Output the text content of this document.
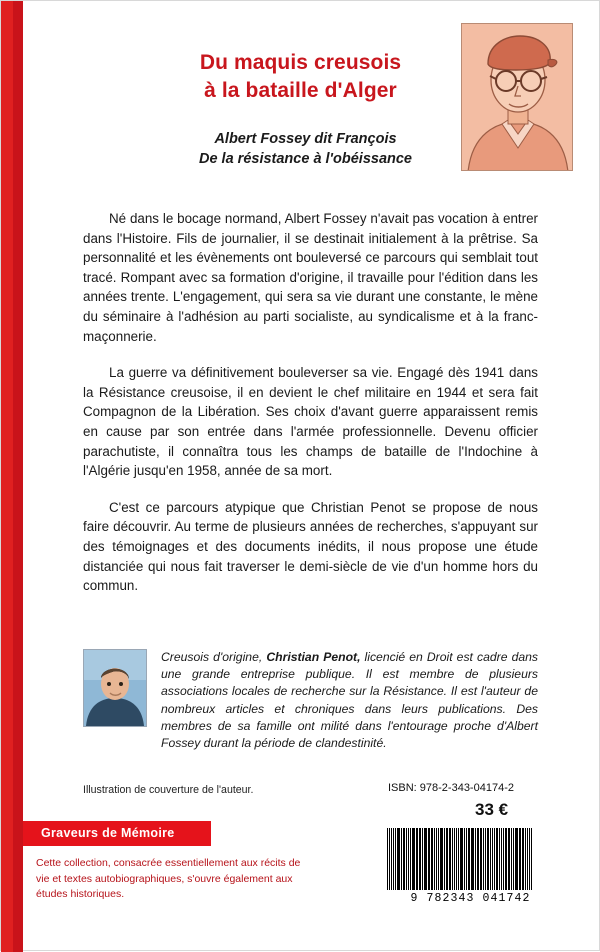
Du maquis creusois
à la bataille d'Alger
Albert Fossey dit François
De la résistance à l'obéissance

Né dans le bocage normand, Albert Fossey n'avait pas vocation à entrer dans l'Histoire. Fils de journalier, il se destinait initialement à la prêtrise. Sa personnalité et les évènements ont bouleversé ce parcours qui semblait tout tracé. Rompant avec sa formation d'origine, il travaille pour l'édition dans les années trente. L'engagement, qui sera sa vie durant une constante, le mène du séminaire à l'adhésion au parti socialiste, au syndicalisme et à la franc-maçonnerie.

La guerre va définitivement bouleverser sa vie. Engagé dès 1941 dans la Résistance creusoise, il en devient le chef militaire en 1944 et sera fait Compagnon de la Libération. Ses choix d'avant guerre apparaissent remis en cause par son entrée dans l'armée professionnelle. Devenu officier parachutiste, il connaîtra tous les champs de bataille de l'Indochine à l'Algérie jusqu'en 1958, année de sa mort.

C'est ce parcours atypique que Christian Penot se propose de nous faire découvrir. Au terme de plusieurs années de recherches, s'appuyant sur des témoignages et des documents inédits, il nous propose une étude distanciée qui nous fait traverser le demi-siècle de vie d'un homme hors du commun.

Creusois d'origine, Christian Penot, licencié en Droit est cadre dans une grande entreprise publique. Il est membre de plusieurs associations locales de recherche sur la Résistance. Il est l'auteur de nombreux articles et chroniques dans leurs publications. Des membres de sa famille ont milité dans l'entourage proche d'Albert Fossey durant la période de clandestinité.
Illustration de couverture de l'auteur.	ISBN: 978-2-343-04174-2
33 €
Graveurs de Mémoire
Cette collection, consacrée essentiellement aux récits de vie et textes autobiographiques, s'ouvre également aux études historiques.	9 782343 041742
